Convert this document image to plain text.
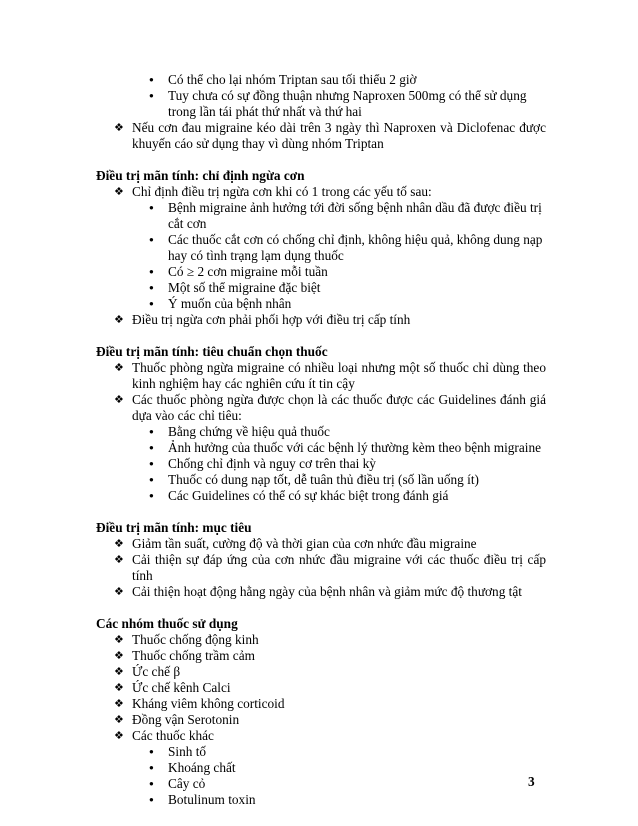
● Có thể cho lại nhóm Triptan sau tối thiểu 2 giờ
● Tuy chưa có sự đồng thuận nhưng Naproxen 500mg có thể sử dụng trong lần tái phát thứ nhất và thứ hai
❖ Nếu cơn đau migraine kéo dài trên 3 ngày thì Naproxen và Diclofenac được khuyến cáo sử dụng thay vì dùng nhóm Triptan
Điều trị mãn tính: chỉ định ngừa cơn
❖ Chỉ định điều trị ngừa cơn khi có 1 trong các yếu tố sau:
● Bệnh migraine ảnh hưởng tới đời sống bệnh nhân dầu đã được điều trị cắt cơn
● Các thuốc cắt cơn có chống chỉ định, không hiệu quả, không dung nạp hay có tình trạng lạm dụng thuốc
● Có ≥ 2 cơn migraine mỗi tuần
● Một số thể migraine đặc biệt
● Ý muốn của bệnh nhân
❖ Điều trị ngừa cơn phải phối hợp với điều trị cấp tính
Điều trị mãn tính: tiêu chuẩn chọn thuốc
❖ Thuốc phòng ngừa migraine có nhiều loại nhưng một số thuốc chỉ dùng theo kinh nghiệm hay các nghiên cứu ít tin cậy
❖ Các thuốc phòng ngừa được chọn là các thuốc được các Guidelines đánh giá dựa vào các chỉ tiêu:
● Bằng chứng về hiệu quả thuốc
● Ảnh hưởng của thuốc với các bệnh lý thường kèm theo bệnh migraine
● Chống chỉ định và nguy cơ trên thai kỳ
● Thuốc có dung nạp tốt, dễ tuân thủ điều trị (số lần uống ít)
● Các Guidelines có thể có sự khác biệt trong đánh giá
Điều trị mãn tính: mục tiêu
❖ Giảm tần suất, cường độ và thời gian của cơn nhức đầu migraine
❖ Cải thiện sự đáp ứng của cơn nhức đầu migraine với các thuốc điều trị cấp tính
❖ Cải thiện hoạt động hằng ngày của bệnh nhân và giảm mức độ thương tật
Các nhóm thuốc sử dụng
❖ Thuốc chống động kinh
❖ Thuốc chống trầm cảm
❖ Ức chế β
❖ Ức chế kênh Calci
❖ Kháng viêm không corticoid
❖ Đồng vận Serotonin
❖ Các thuốc khác
● Sinh tố
● Khoáng chất
● Cây cỏ
● Botulinum toxin
3
